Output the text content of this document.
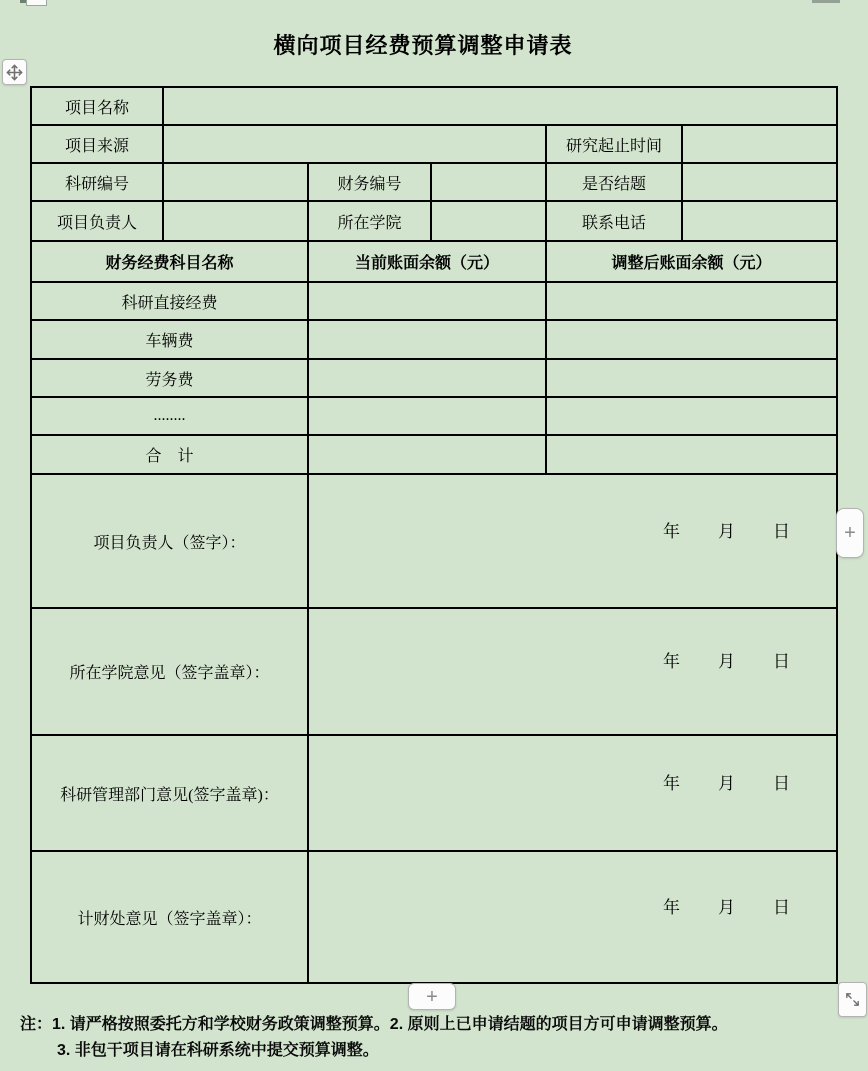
横向项目经费预算调整申请表
项目名称					
项目来源				研究起止时间	
科研编号		财务编号		是否结题	
项目负责人		所在学院		联系电话	
财务经费科目名称		当前账面余额（元）		调整后账面余额（元）	
科研直接经费					
车辆费					
劳务费					
........					
合　计					
项目负责人（签字）：		年 月 日			

所在学院意见（签字盖章）：		年 月 日			

科研管理部门意见(签字盖章)：		年 月 日			

计财处意见（签字盖章）：		年 月 日			
+
+
注：1. 请严格按照委托方和学校财务政策调整预算。2. 原则上已申请结题的项目方可申请调整预算。
3. 非包干项目请在科研系统中提交预算调整。
